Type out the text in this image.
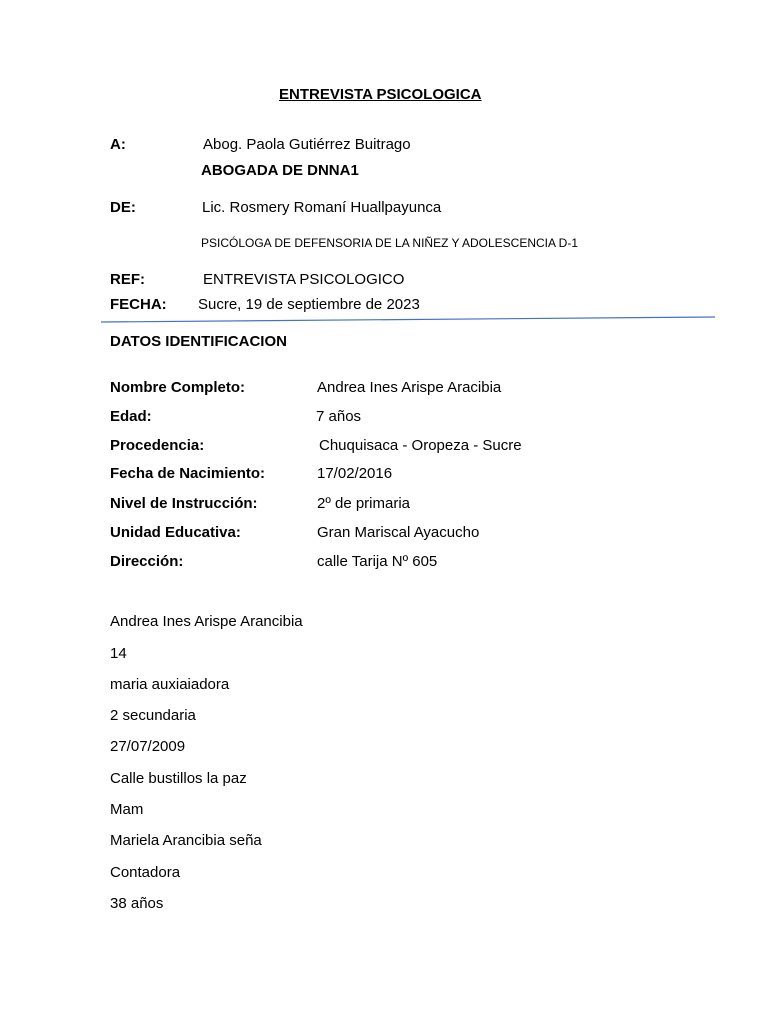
ENTREVISTA PSICOLOGICA
A:	Abog. Paola Gutiérrez Buitrago
ABOGADA DE DNNA1
DE:	Lic. Rosmery Romaní Huallpayunca
PSICÓLOGA DE DEFENSORIA DE LA NIÑEZ Y ADOLESCENCIA D-1
REF:	ENTREVISTA PSICOLOGICO
FECHA: Sucre, 19 de septiembre de 2023
DATOS IDENTIFICACION
Nombre Completo:	Andrea Ines Arispe Aracibia
Edad:	7 años
Procedencia:	Chuquisaca - Oropeza - Sucre
Fecha de Nacimiento:	17/02/2016
Nivel de Instrucción:	2º de primaria
Unidad Educativa:	Gran Mariscal Ayacucho
Dirección:	calle Tarija Nº 605
Andrea Ines Arispe Arancibia
14
maria auxiaiadora
2 secundaria
27/07/2009
Calle bustillos la paz
Mam
Mariela Arancibia seña
Contadora
38 años
